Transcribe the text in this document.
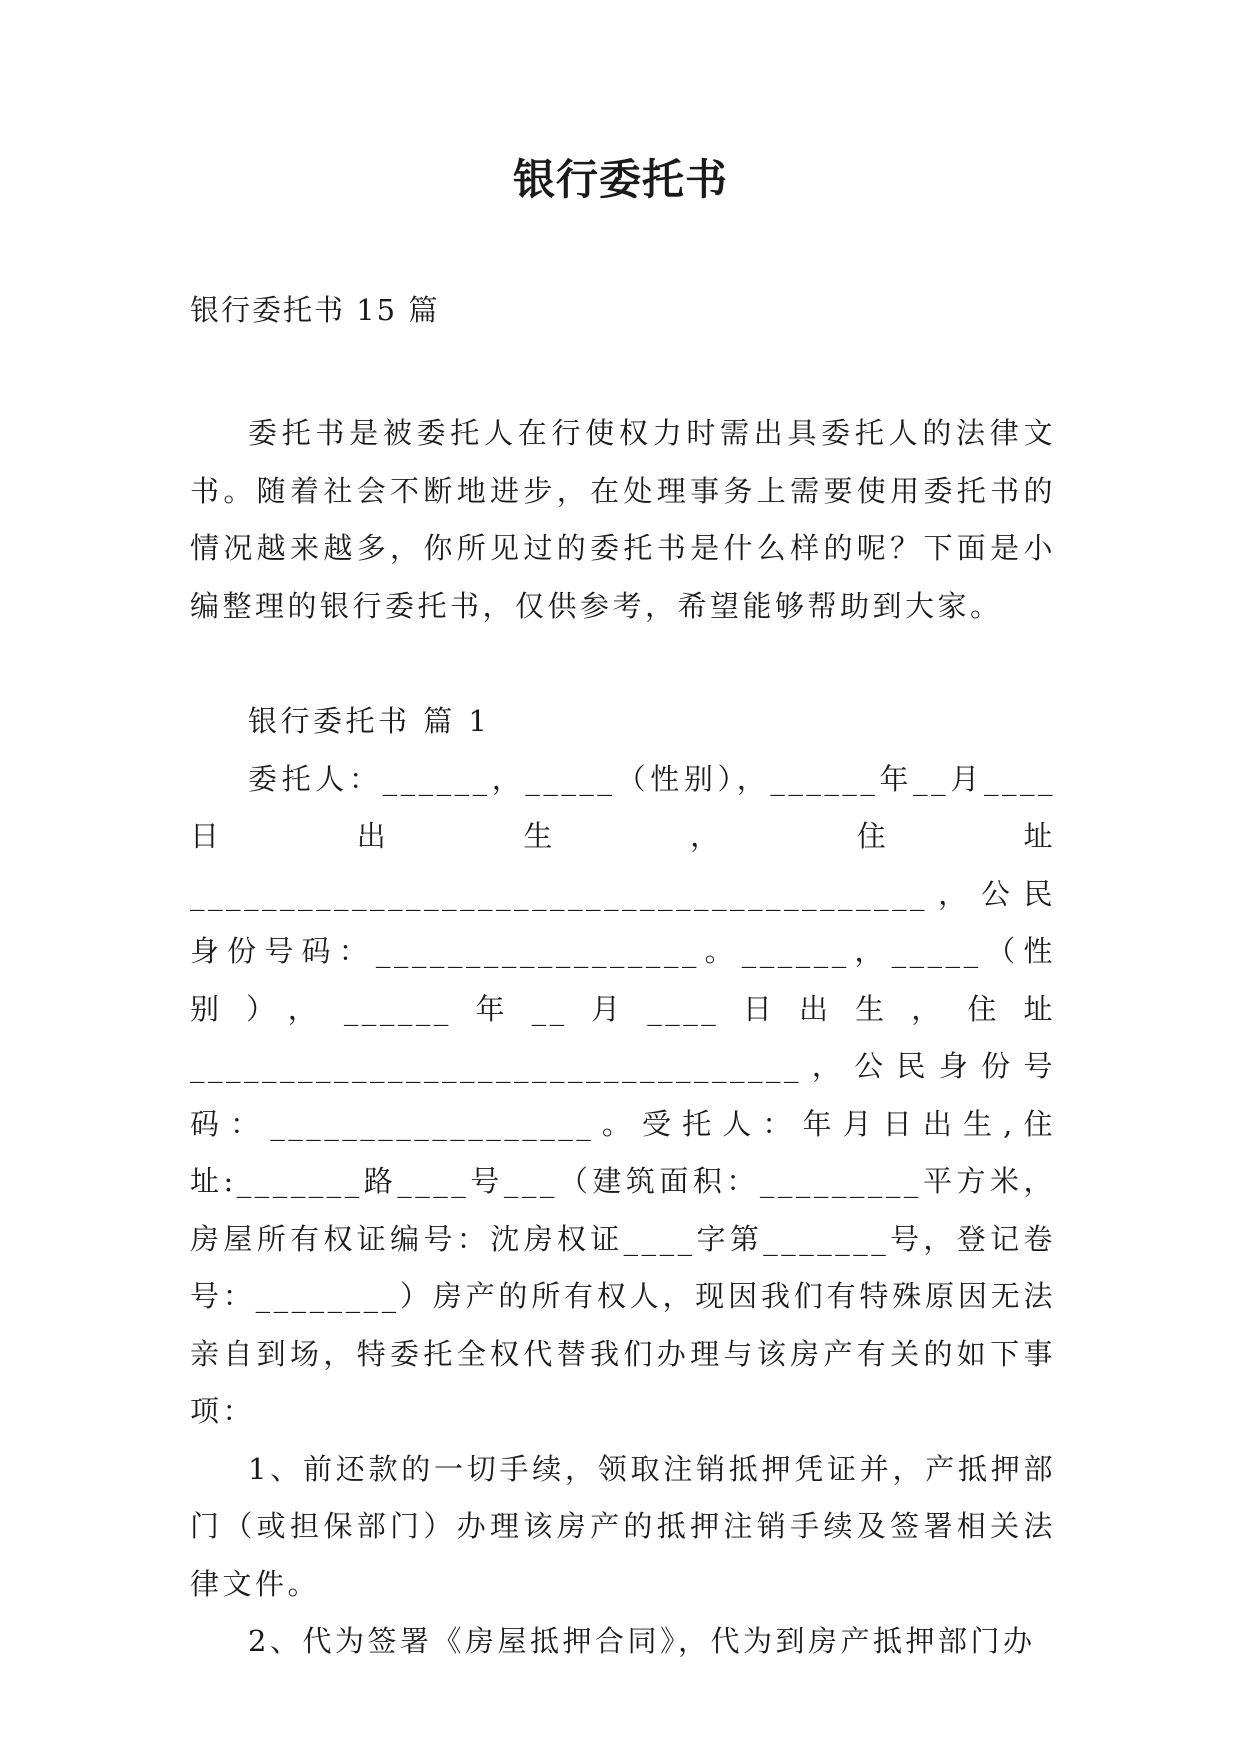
银行委托书
银行委托书 15 篇

委托书是被委托人在行使权力时需出具委托人的法律文书。随着社会不断地进步，在处理事务上需要使用委托书的情况越来越多，你所见过的委托书是什么样的呢？下面是小编整理的银行委托书，仅供参考，希望能够帮助到大家。

银行委托书 篇 1

委托人：______，_____（性别），______年__月____日出生，住址_________________________________________，公民身份号码：__________________。______，_____（性别），______年__月____日出生，住址__________________________________，公民身份号码：__________________。受托人：年月日出生,住址:_______路____号___（建筑面积：_________平方米，房屋所有权证编号：沈房权证____字第_______号，登记卷号：________）房产的所有权人，现因我们有特殊原因无法亲自到场，特委托全权代替我们办理与该房产有关的如下事项：

1、前还款的一切手续，领取注销抵押凭证并，产抵押部门（或担保部门）办理该房产的抵押注销手续及签署相关法律文件。

2、代为签署《房屋抵押合同》，代为到房产抵押部门办
